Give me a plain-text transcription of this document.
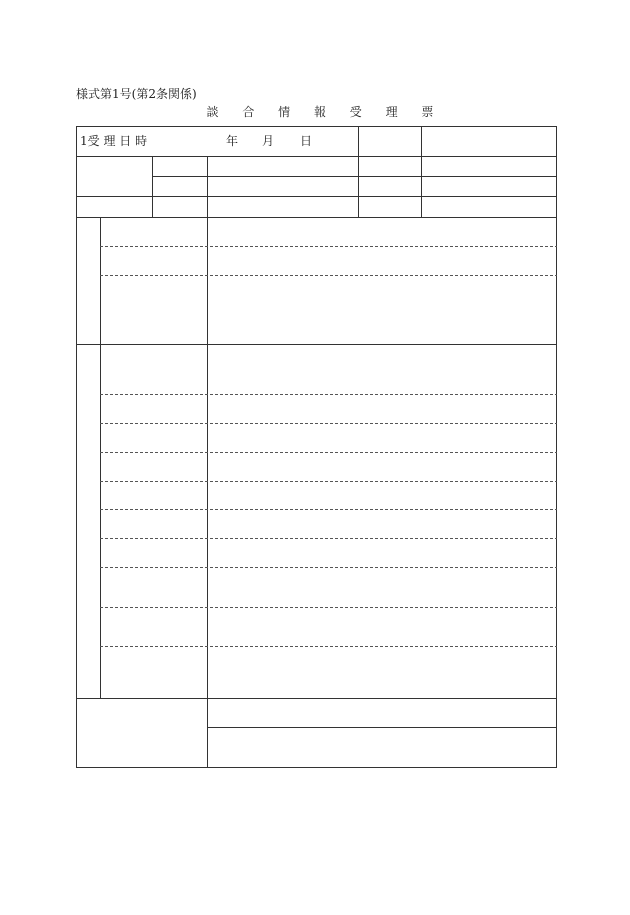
様式第1号(第2条関係)
談 合 情 報 受 理 票
1受 理 日 時	年 月 日
